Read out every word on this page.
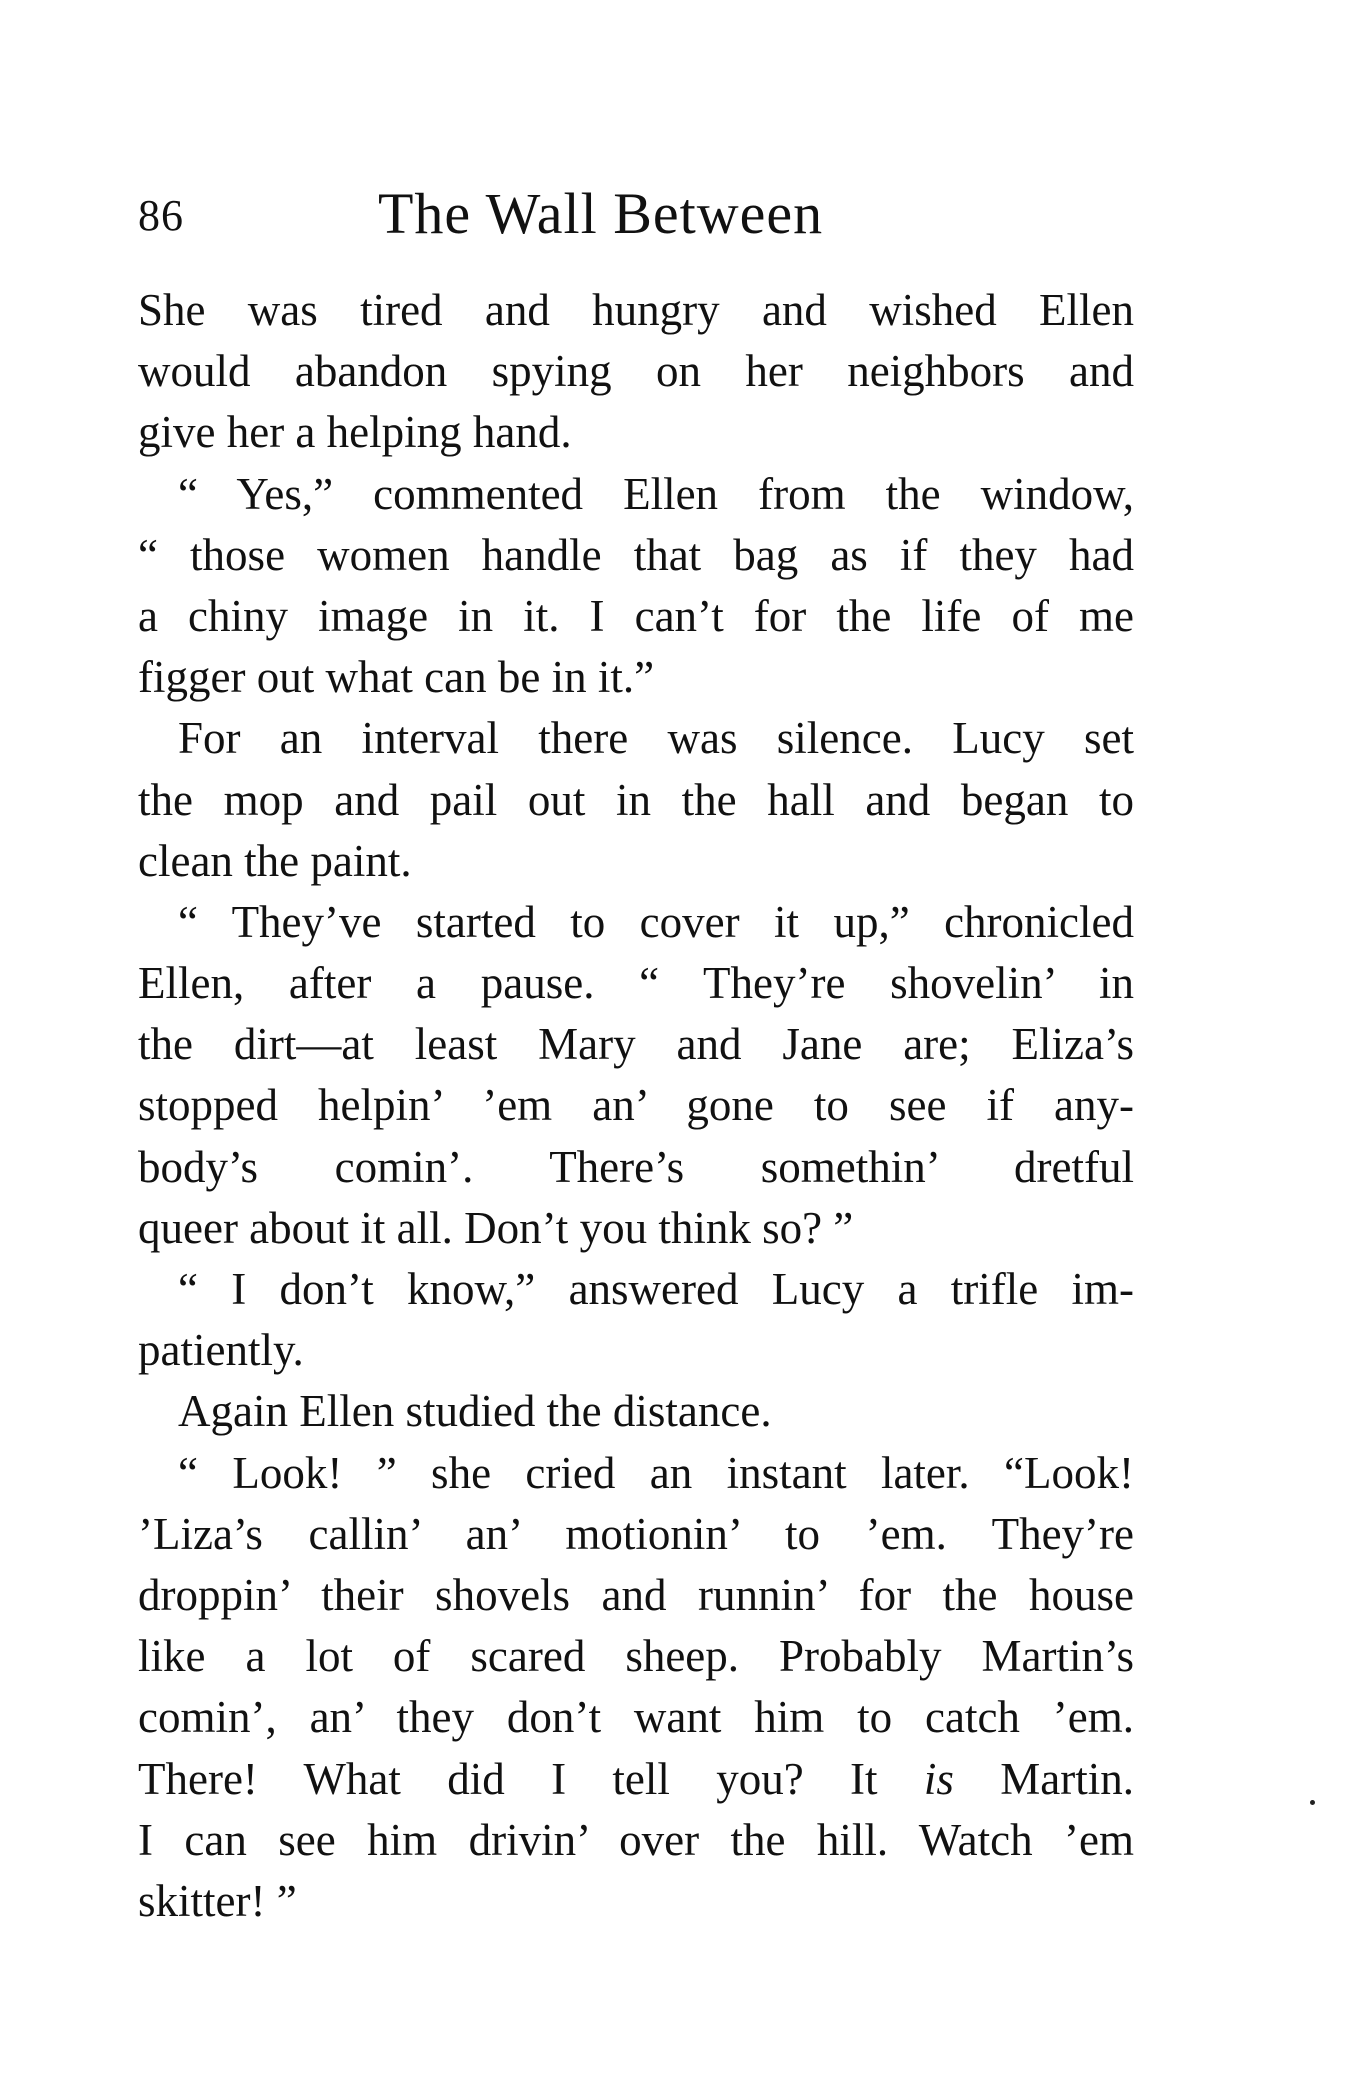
86	The Wall Between
She was tired and hungry and wished Ellen
would abandon spying on her neighbors and
give her a helping hand.
“ Yes,” commented Ellen from the window,
“ those women handle that bag as if they had
a chiny image in it. I can’t for the life of me
figger out what can be in it.”
For an interval there was silence. Lucy set
the mop and pail out in the hall and began to
clean the paint.
“ They’ve started to cover it up,” chronicled
Ellen, after a pause. “ They’re shovelin’ in
the dirt—at least Mary and Jane are; Eliza’s
stopped helpin’ ’em an’ gone to see if any-
body’s comin’. There’s somethin’ dretful
queer about it all. Don’t you think so? ”
“ I don’t know,” answered Lucy a trifle im-
patiently.
Again Ellen studied the distance.
“ Look! ” she cried an instant later. “Look!
’Liza’s callin’ an’ motionin’ to ’em. They’re
droppin’ their shovels and runnin’ for the house
like a lot of scared sheep. Probably Martin’s
comin’, an’ they don’t want him to catch ’em.
There! What did I tell you? It is Martin.
I can see him drivin’ over the hill. Watch ’em
skitter! ”
